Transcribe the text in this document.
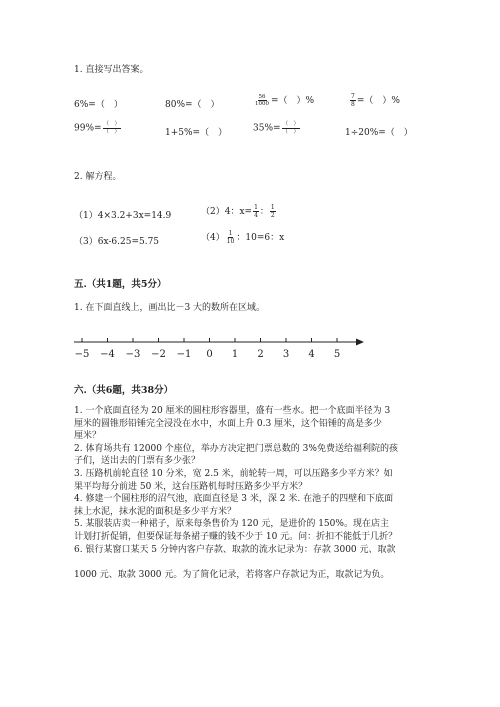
1. 直接写出答案。
6%=（　）	80%=（　）	$\frac{56}{1000}$ =（　）%	$\frac{7}{8}$ =（　）%
$99\%= \frac{( )}{( )}$	1+5%=（　）	$35\%= \frac{( )}{( )}$	1÷20%=（　）
2. 解方程。
（1）4×3.2+3x=14.9	（2）4：$x= \frac{1}{4}$ ： $\frac{1}{2}$
（3）6x-6.25=5.75	$(4) \frac{1}{10}$ ：10=6：x
五.（共1题，共5分）
1. 在下面直线上，画出比－3 大的数所在区域。
−5 −4 −3 −2 −1 0 1 2 3 4 5
六.（共6题，共38分）

1. 一个底面直径为 20 厘米的圆柱形容器里，盛有一些水。把一个底面半径为 3

厘米的圆锥形铅锤完全浸没在水中，水面上升 0.3 厘米，这个铅锤的高是多少

厘米？

2. 体育场共有 12000 个座位，举办方决定把门票总数的 3%免费送给福利院的孩

子们，送出去的门票有多少张？

3. 压路机前轮直径 10 分米，宽 2.5 米，前轮转一周，可以压路多少平方米？如

果平均每分前进 50 米，这台压路机每时压路多少平方米？

4. 修建一个圆柱形的沼气池，底面直径是 3 米，深 2 米. 在池子的四壁和下底面

抹上水泥，抹水泥的面积是多少平方米？

5. 某服装店卖一种裙子，原来每条售价为 120 元，是进价的 150%。现在店主

计划打折促销，但要保证每条裙子赚的钱不少于 10 元。问：折扣不能低于几折？

6. 银行某窗口某天 5 分钟内客户存款、取款的流水记录为：存款 3000 元、取款

1000 元、取款 3000 元。为了简化记录，若将客户存款记为正，取款记为负。
